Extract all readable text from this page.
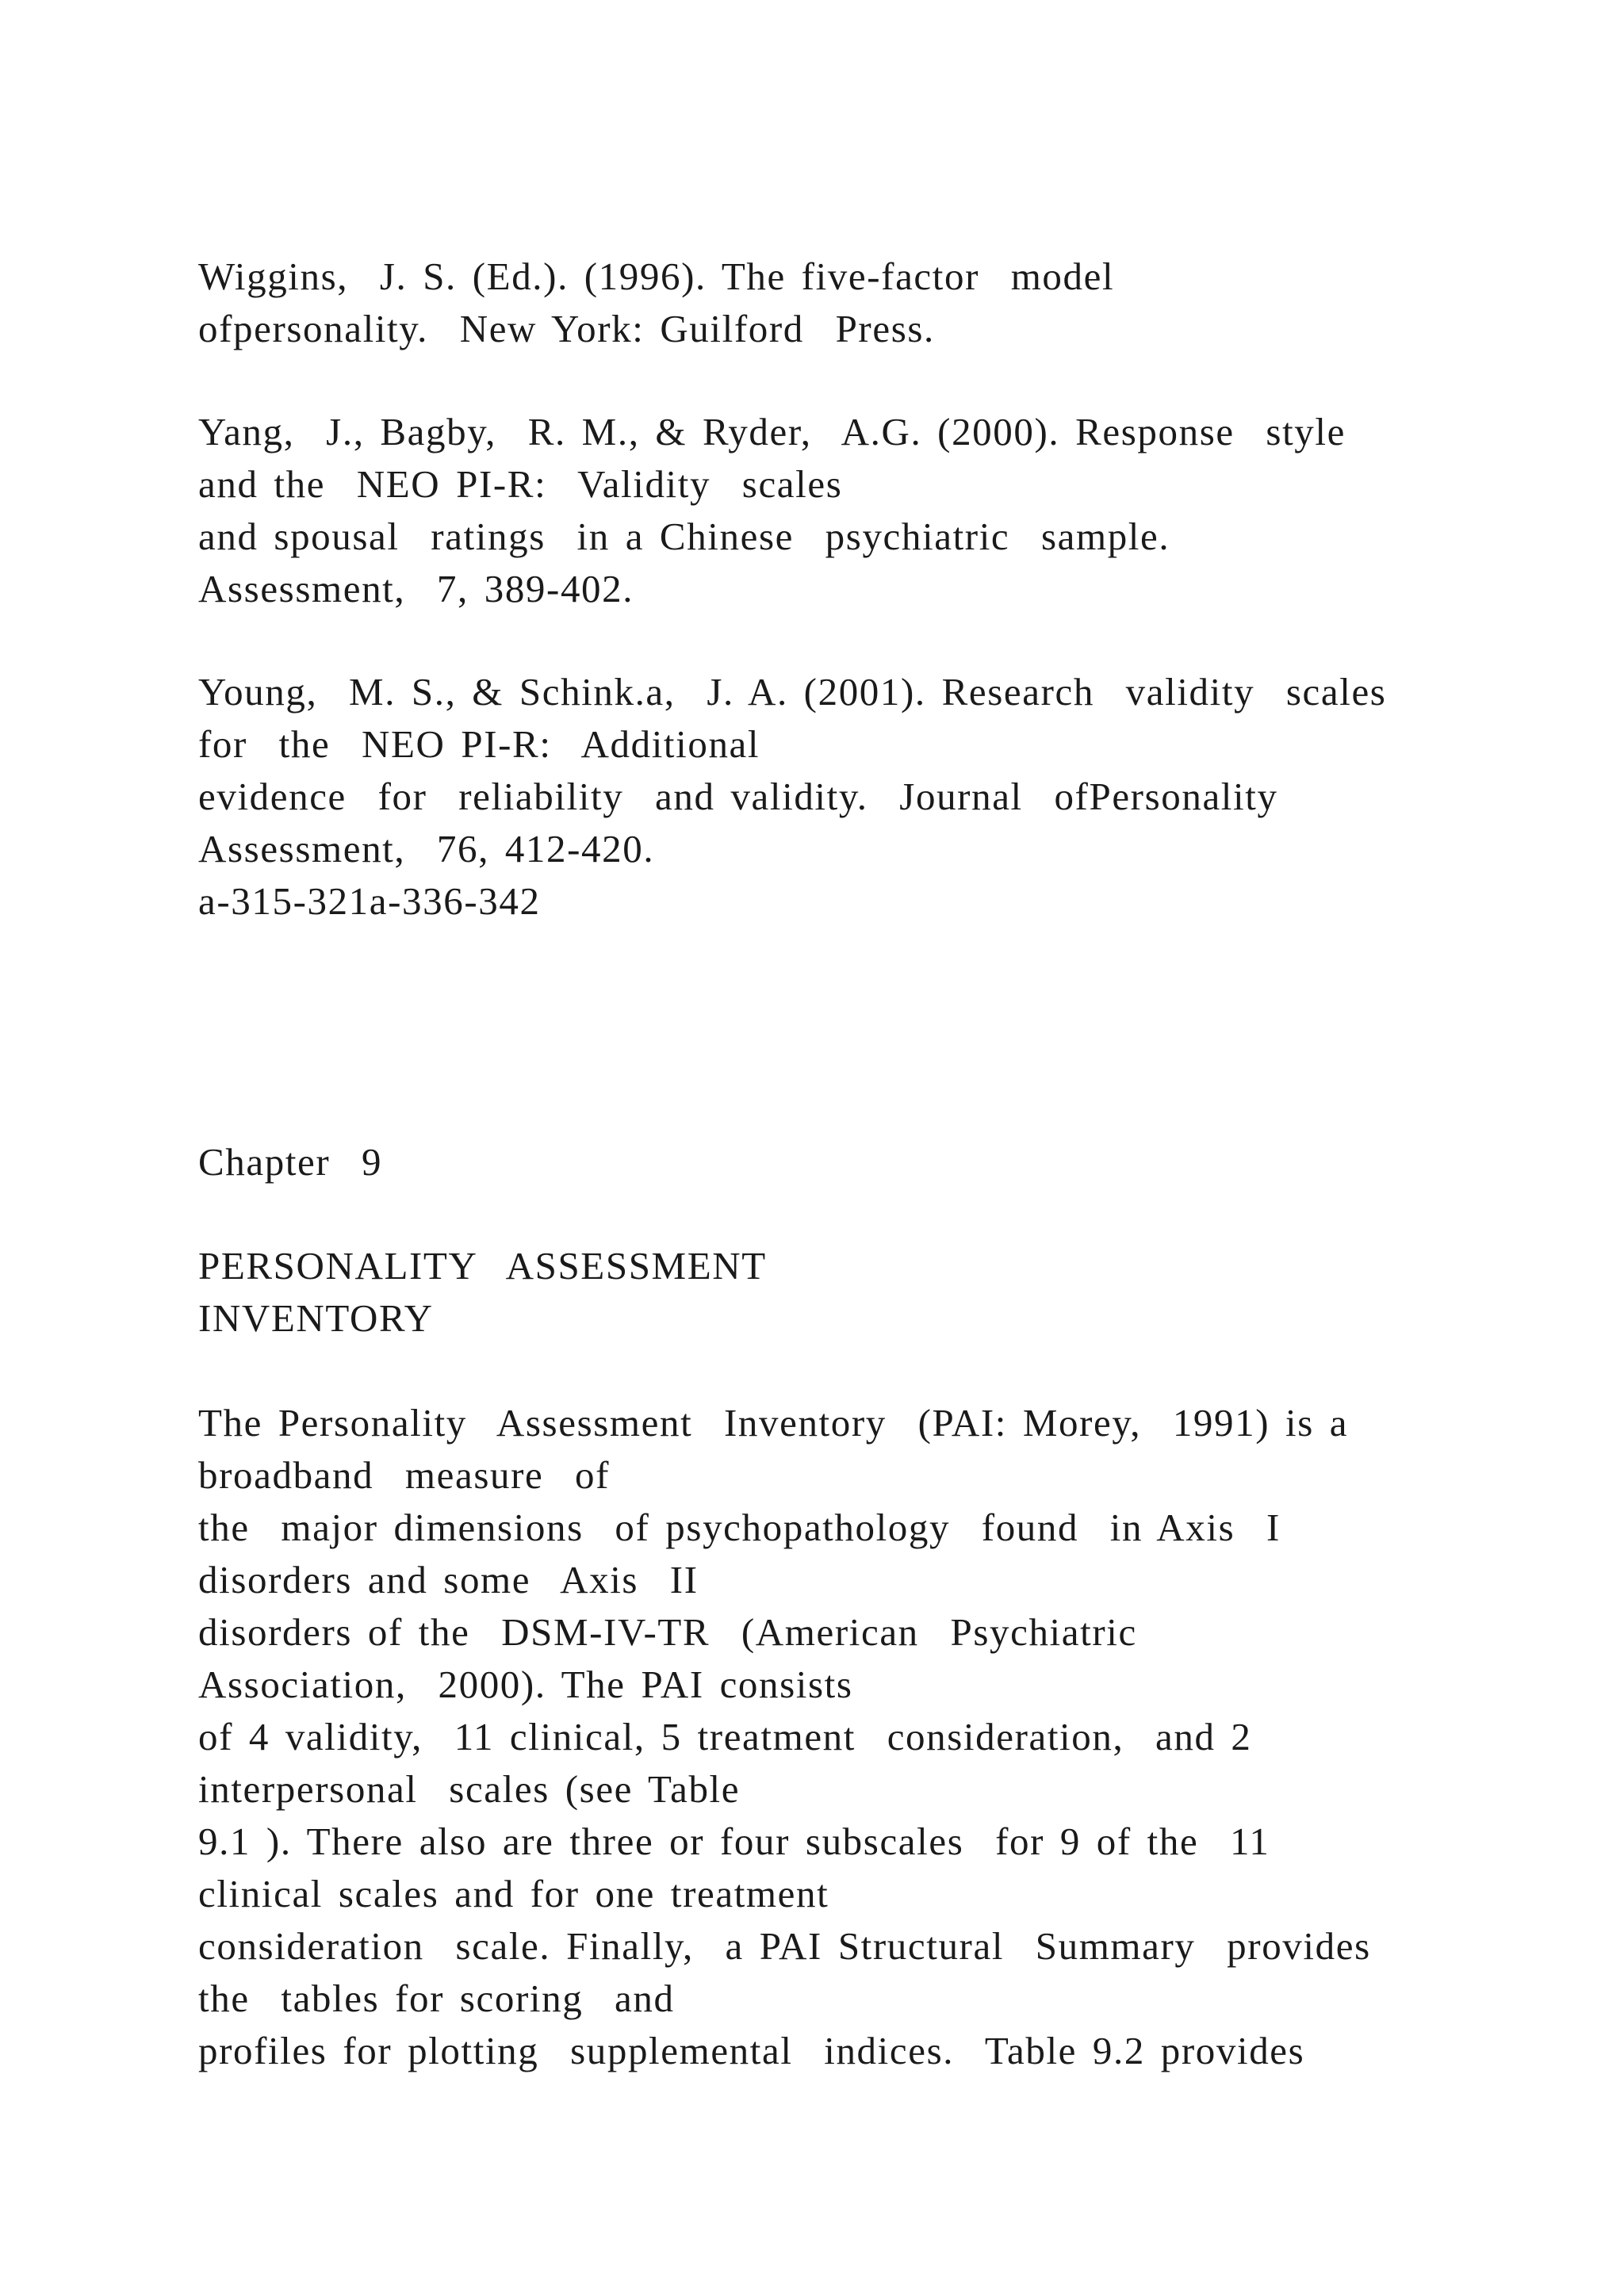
Wiggins,  J. S. (Ed.). (1996). The five-factor  model
ofpersonality.  New York: Guilford  Press.
Yang,  J., Bagby,  R. M., & Ryder,  A.G. (2000). Response  style
and the  NEO PI-R:  Validity  scales
and spousal  ratings  in a Chinese  psychiatric  sample.
Assessment,  7, 389-402.
Young,  M. S., & Schink.a,  J. A. (2001). Research  validity  scales
for  the  NEO PI-R:  Additional
evidence  for  reliability  and validity.  Journal  ofPersonality
Assessment,  76, 412-420.
a-315-321a-336-342
Chapter  9
PERSONALITY  ASSESSMENT
INVENTORY
The Personality  Assessment  Inventory  (PAI: Morey,  1991) is a
broadband  measure  of
the  major dimensions  of psychopathology  found  in Axis  I
disorders and some  Axis  II
disorders of the  DSM-IV-TR  (American  Psychiatric
Association,  2000). The PAI consists
of 4 validity,  11 clinical, 5 treatment  consideration,  and 2
interpersonal  scales (see Table
9.1 ). There also are three or four subscales  for 9 of the  11
clinical scales and for one treatment
consideration  scale. Finally,  a PAI Structural  Summary  provides
the  tables for scoring  and
profiles for plotting  supplemental  indices.  Table 9.2 provides
